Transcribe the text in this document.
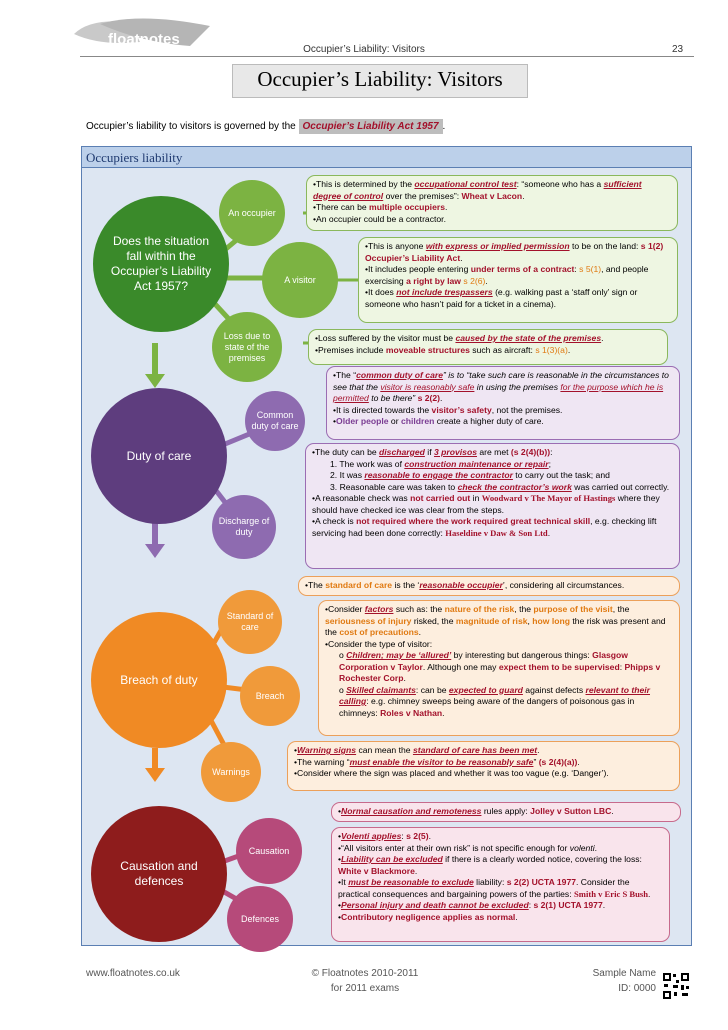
floatnotes
Occupier’s Liability: Visitors	23
Occupier’s Liability: Visitors
Occupier’s liability to visitors is governed by the Occupier’s Liability Act 1957 .
Occupiers liability
Does the situation fall within the Occupier’s Liability Act 1957?
An occupier
A visitor
Loss due to state of the premises
Duty of care
Common duty of care
Discharge of duty
Breach of duty
Standard of care
Breach
Warnings
Causation and defences
Causation
Defences
•This is determined by the occupational control test: “someone who has a sufficient degree of control over the premises”: Wheat v Lacon.
•There can be multiple occupiers.
•An occupier could be a contractor.
•This is anyone with express or implied permission to be on the land: s 1(2) Occupier’s Liability Act.
•It includes people entering under terms of a contract: s 5(1), and people exercising a right by law s 2(6).
•It does not include trespassers (e.g. walking past a ‘staff only’ sign or someone who hasn’t paid for a ticket in a cinema).
•Loss suffered by the visitor must be caused by the state of the premises.
•Premises include moveable structures such as aircraft: s 1(3)(a).
•The “common duty of care” is to “take such care is reasonable in the circumstances to see that the visitor is reasonably safe in using the premises for the purpose which he is permitted to be there” s 2(2).
•It is directed towards the visitor’s safety, not the premises.
•Older people or children create a higher duty of care.
•The duty can be discharged if 3 provisos are met (s 2(4)(b)):
1. The work was of construction maintenance or repair;
2. It was reasonable to engage the contractor to carry out the task; and
3. Reasonable care was taken to check the contractor’s work was carried out correctly.
•A reasonable check was not carried out in Woodward v The Mayor of Hastings where they should have checked ice was clear from the steps.
•A check is not required where the work required great technical skill, e.g. checking lift servicing had been done correctly: Haseldine v Daw & Son Ltd.
•The standard of care is the ‘reasonable occupier’, considering all circumstances.
•Consider factors such as: the nature of the risk, the purpose of the visit, the seriousness of injury risked, the magnitude of risk, how long the risk was present and the cost of precautions.
•Consider the type of visitor:
o Children; may be ‘allured’ by interesting but dangerous things: Glasgow Corporation v Taylor. Although one may expect them to be supervised: Phipps v Rochester Corp.
o Skilled claimants: can be expected to guard against defects relevant to their calling: e.g. chimney sweeps being aware of the dangers of poisonous gas in chimneys: Roles v Nathan.
•Warning signs can mean the standard of care has been met.
•The warning “must enable the visitor to be reasonably safe” (s 2(4)(a)).
•Consider where the sign was placed and whether it was too vague (e.g. ‘Danger’).
•Normal causation and remoteness rules apply: Jolley v Sutton LBC.
•Volenti applies: s 2(5).
•“All visitors enter at their own risk” is not specific enough for volenti.
•Liability can be excluded if there is a clearly worded notice, covering the loss: White v Blackmore.
•It must be reasonable to exclude liability: s 2(2) UCTA 1977. Consider the practical consequences and bargaining powers of the parties: Smith v Eric S Bush.
•Personal injury and death cannot be excluded: s 2(1) UCTA 1977.
•Contributory negligence applies as normal.
www.floatnotes.co.uk	© Floatnotes 2010-2011
for 2011 exams
Sample Name
ID: 0000
